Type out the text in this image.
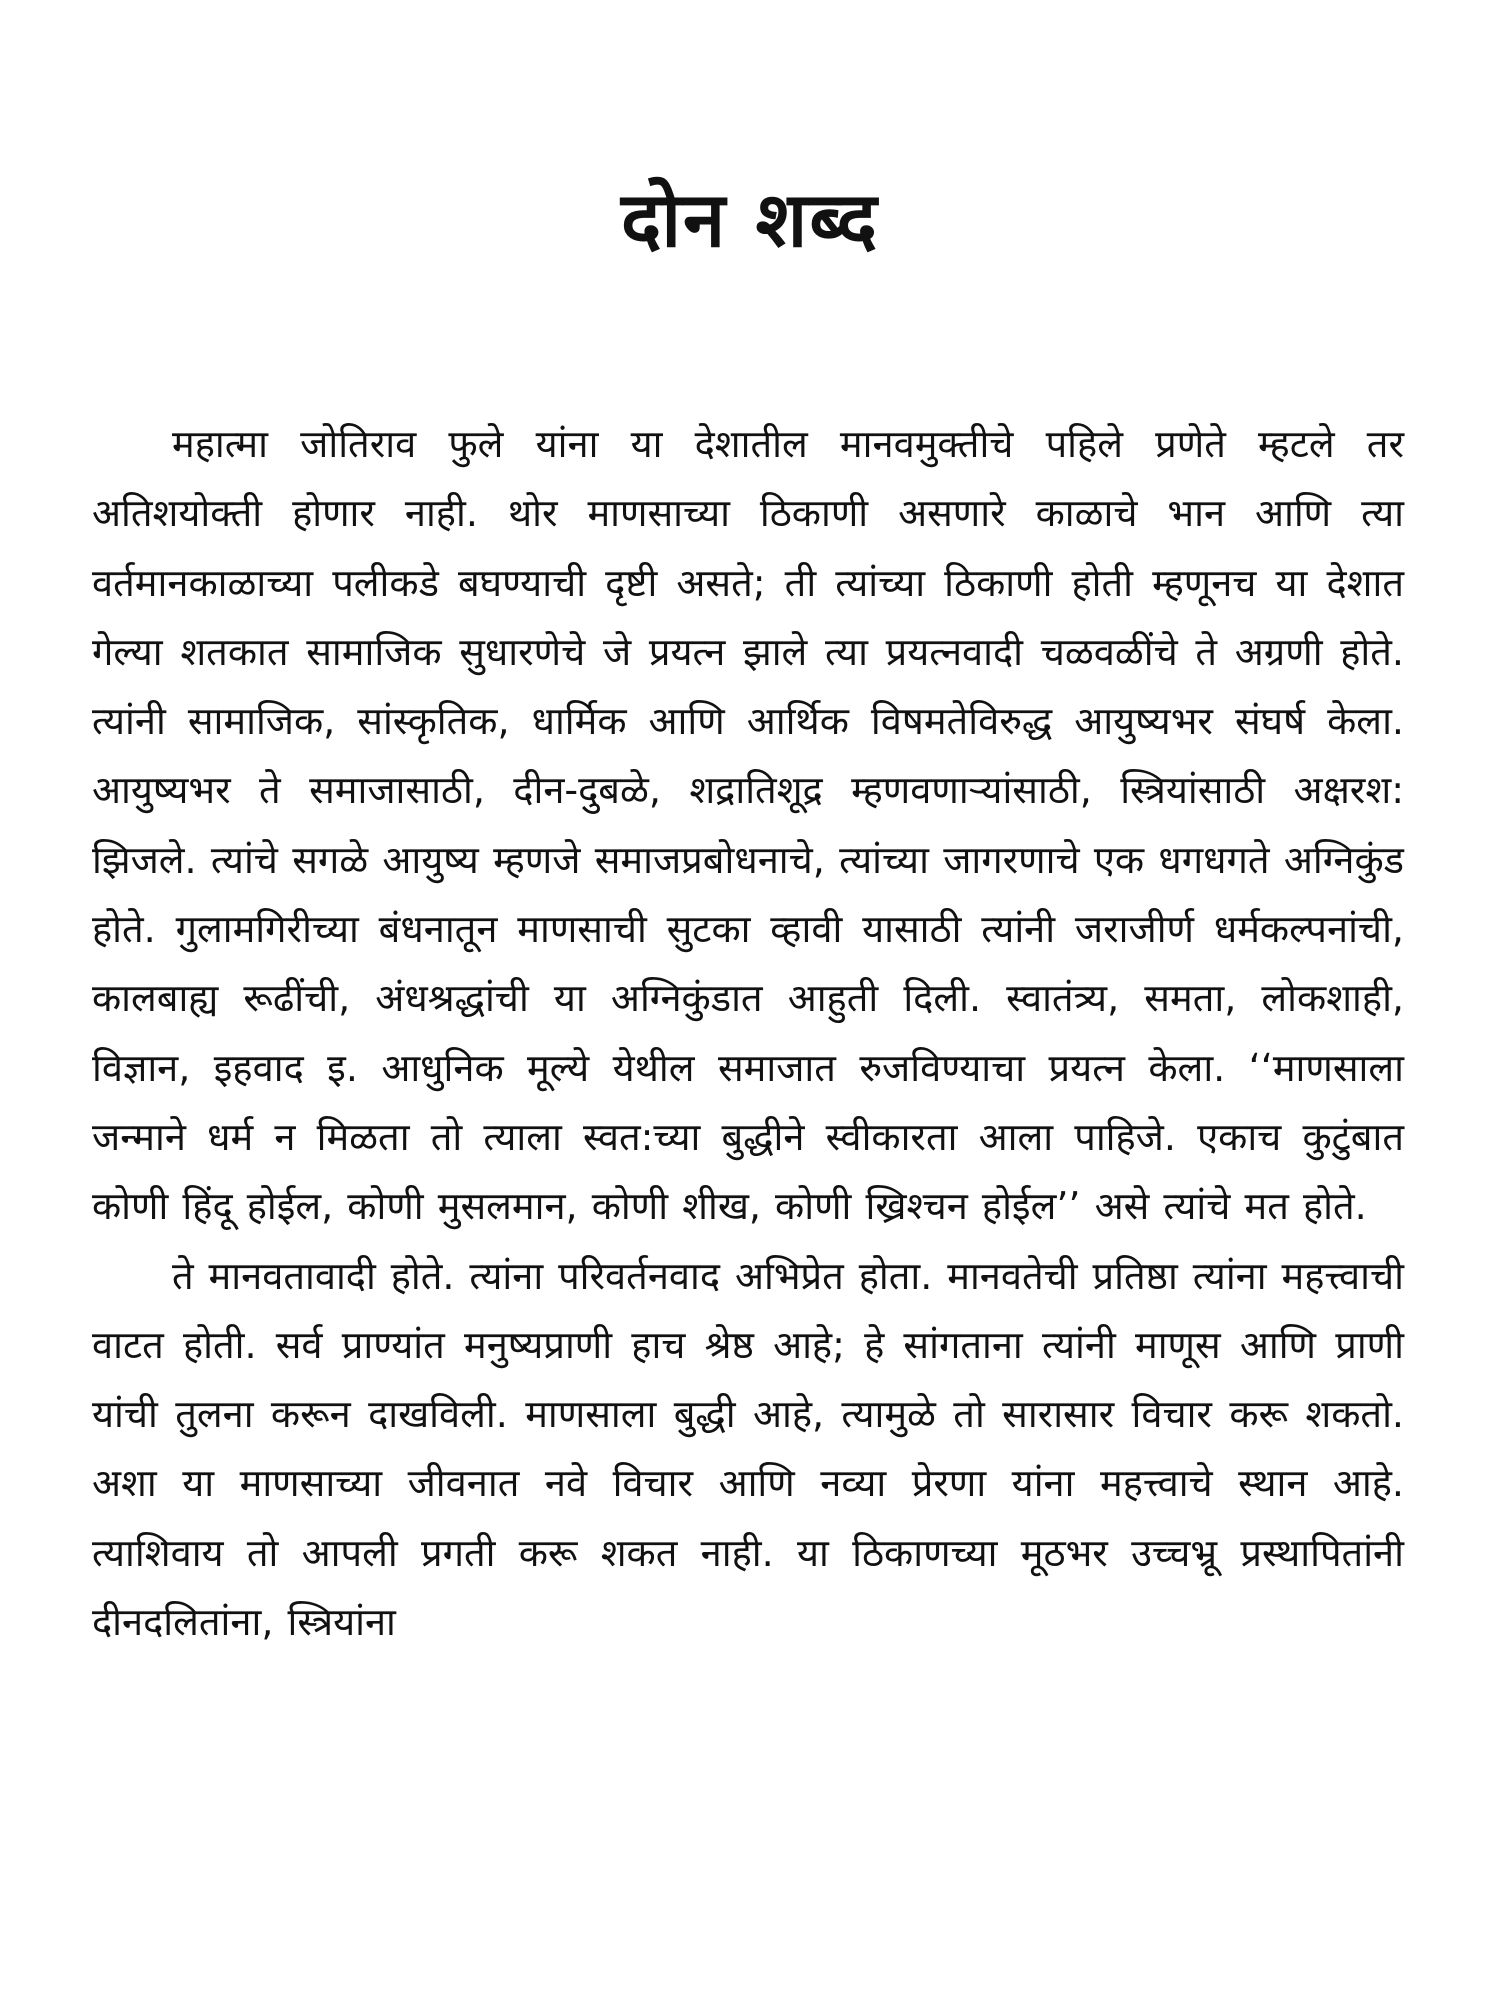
दोन शब्द

महात्मा जोतिराव फुले यांना या देशातील मानवमुक्तीचे पहिले प्रणेते म्हटले तर अतिशयोक्ती होणार नाही. थोर माणसाच्या ठिकाणी असणारे काळाचे भान आणि त्या वर्तमानकाळाच्या पलीकडे बघण्याची दृष्टी असते; ती त्यांच्या ठिकाणी होती म्हणूनच या देशात गेल्या शतकात सामाजिक सुधारणेचे जे प्रयत्न झाले त्या प्रयत्नवादी चळवळींचे ते अग्रणी होते. त्यांनी सामाजिक, सांस्कृतिक, धार्मिक आणि आर्थिक विषमतेविरुद्ध आयुष्यभर संघर्ष केला. आयुष्यभर ते समाजासाठी, दीन-दुबळे, शद्रातिशूद्र म्हणवणाऱ्यांसाठी, स्त्रियांसाठी अक्षरश: झिजले. त्यांचे सगळे आयुष्य म्हणजे समाजप्रबोधनाचे, त्यांच्या जागरणाचे एक धगधगते अग्निकुंड होते. गुलामगिरीच्या बंधनातून माणसाची सुटका व्हावी यासाठी त्यांनी जराजीर्ण धर्मकल्पनांची, कालबाह्य रूढींची, अंधश्रद्धांची या अग्निकुंडात आहुती दिली. स्वातंत्र्य, समता, लोकशाही, विज्ञान, इहवाद इ. आधुनिक मूल्ये येथील समाजात रुजविण्याचा प्रयत्न केला. ‘‘माणसाला जन्माने धर्म न मिळता तो त्याला स्वत:च्या बुद्धीने स्वीकारता आला पाहिजे. एकाच कुटुंबात कोणी हिंदू होईल, कोणी मुसलमान, कोणी शीख, कोणी ख्रिश्चन होईल’’ असे त्यांचे मत होते.

ते मानवतावादी होते. त्यांना परिवर्तनवाद अभिप्रेत होता. मानवतेची प्रतिष्ठा त्यांना महत्त्वाची वाटत होती. सर्व प्राण्यांत मनुष्यप्राणी हाच श्रेष्ठ आहे; हे सांगताना त्यांनी माणूस आणि प्राणी यांची तुलना करून दाखविली. माणसाला बुद्धी आहे, त्यामुळे तो सारासार विचार करू शकतो. अशा या माणसाच्या जीवनात नवे विचार आणि नव्या प्रेरणा यांना महत्त्वाचे स्थान आहे. त्याशिवाय तो आपली प्रगती करू शकत नाही. या ठिकाणच्या मूठभर उच्चभ्रू प्रस्थापितांनी दीनदलितांना, स्त्रियांना
